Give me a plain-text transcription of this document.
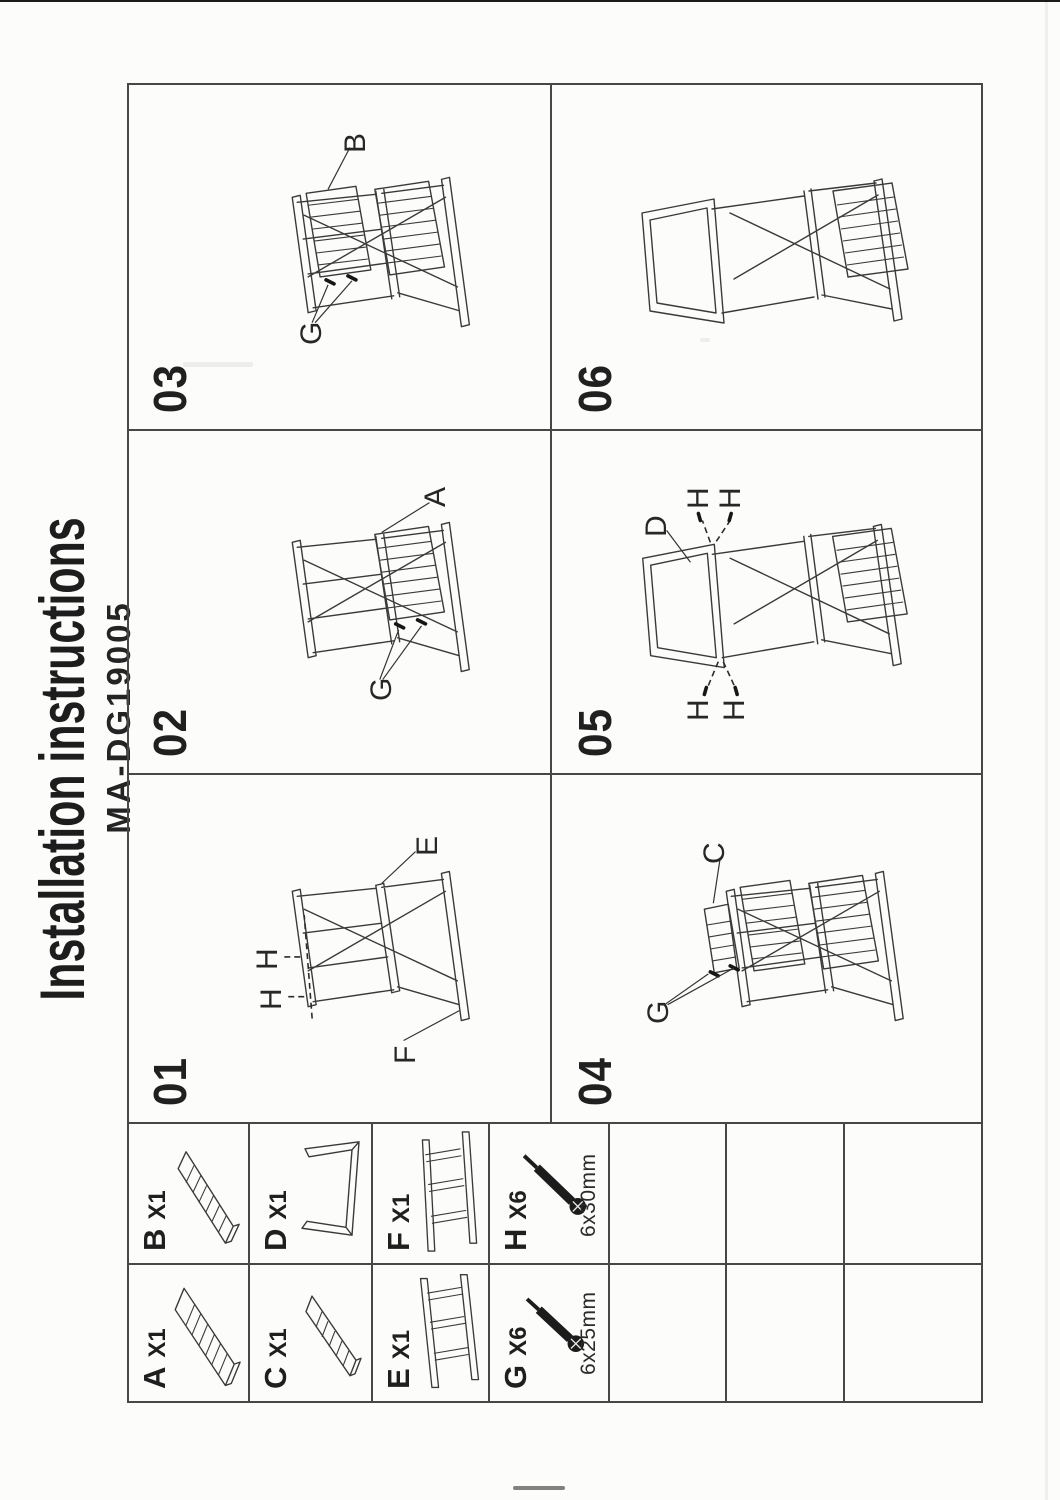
Installation instructions MA-DG19005
AX1
CX1
EX1
GX6 6x25mm
BX1
DX1
FX1
HX6 6x30mm
01
H
H
E
F
02
A
G
03
B
G
04
C
G
05
D
H H
H H
06
